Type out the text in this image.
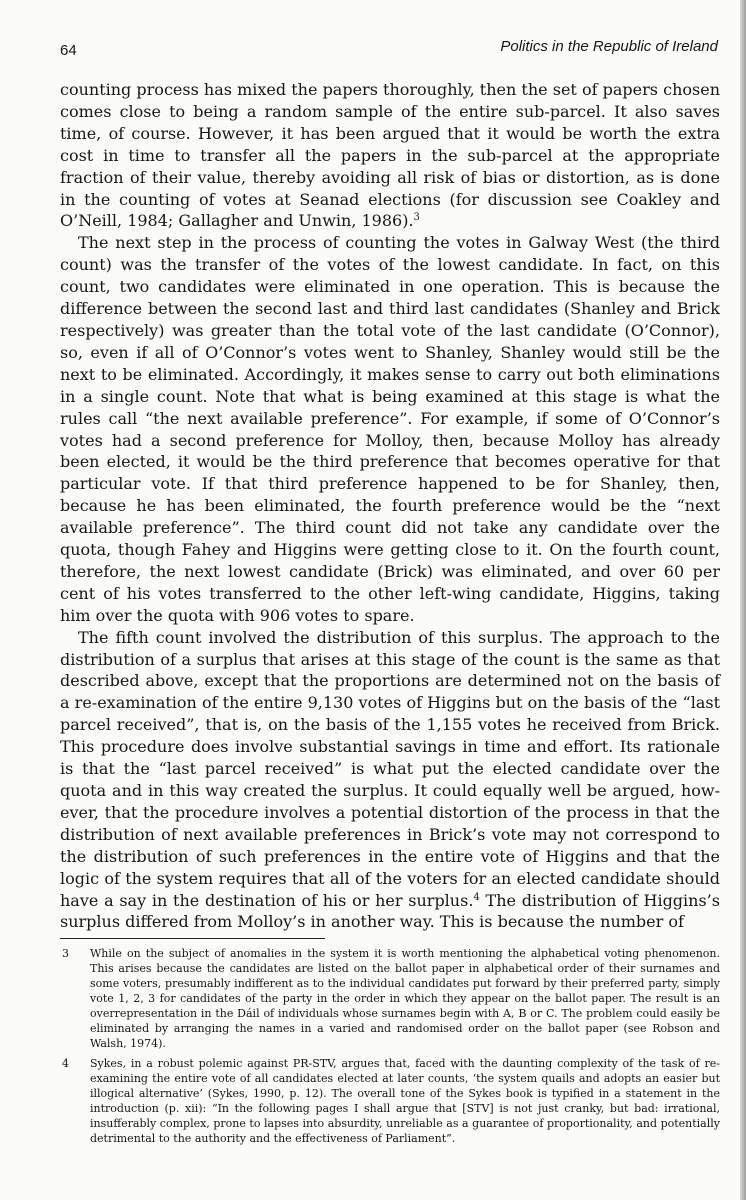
64	Politics in the Republic of Ireland

counting process has mixed the papers thoroughly, then the set of papers chosen comes close to being a random sample of the entire sub-parcel. It also saves time, of course. However, it has been argued that it would be worth the extra cost in time to transfer all the papers in the sub-parcel at the appropriate fraction of their value, thereby avoiding all risk of bias or distortion, as is done in the counting of votes at Seanad elections (for discussion see Coakley and O’Neill, 1984; Gallagher and Unwin, 1986).$^3$

The next step in the process of counting the votes in Galway West (the third count) was the transfer of the votes of the lowest candidate. In fact, on this count, two candidates were eliminated in one operation. This is because the difference between the second last and third last candidates (Shanley and Brick respectively) was greater than the total vote of the last candidate (O’Connor), so, even if all of O’Connor’s votes went to Shanley, Shanley would still be the next to be eliminated. Accordingly, it makes sense to carry out both eliminations in a single count. Note that what is being examined at this stage is what the rules call “the next available preference”. For example, if some of O’Connor’s votes had a second preference for Molloy, then, because Molloy has already been elected, it would be the third preference that becomes operative for that particular vote. If that third preference happened to be for Shanley, then, because he has been eliminated, the fourth preference would be the “next available preference”. The third count did not take any candidate over the quota, though Fahey and Higgins were getting close to it. On the fourth count, therefore, the next lowest candidate (Brick) was eliminated, and over 60 per cent of his votes transferred to the other left-wing candidate, Higgins, taking him over the quota with 906 votes to spare.

The fifth count involved the distribution of this surplus. The approach to the distribution of a surplus that arises at this stage of the count is the same as that described above, except that the proportions are determined not on the basis of a re-examination of the entire 9,130 votes of Higgins but on the basis of the “last parcel received”, that is, on the basis of the 1,155 votes he received from Brick. This procedure does involve substantial savings in time and effort. Its rationale is that the “last parcel received” is what put the elected candidate over the quota and in this way created the surplus. It could equally well be argued, however, that the procedure involves a potential distortion of the process in that the distribution of next available preferences in Brick’s vote may not correspond to the distribution of such preferences in the entire vote of Higgins and that the logic of the system requires that all of the voters for an elected candidate should have a say in the destination of his or her surplus.$^4$ The distribution of Higgins’s surplus differed from Molloy’s in another way. This is because the number of

3 While on the subject of anomalies in the system it is worth mentioning the alphabetical voting phenomenon. This arises because the candidates are listed on the ballot paper in alphabetical order of their surnames and some voters, presumably indifferent as to the individual candidates put forward by their preferred party, simply vote 1, 2, 3 for candidates of the party in the order in which they appear on the ballot paper. The result is an overrepresentation in the Dáil of individuals whose surnames begin with A, B or C. The problem could easily be eliminated by arranging the names in a varied and randomised order on the ballot paper (see Robson and Walsh, 1974).
4 Sykes, in a robust polemic against PR-STV, argues that, faced with the daunting complexity of the task of reexamining the entire vote of all candidates elected at later counts, ‘the system quails and adopts an easier but illogical alternative’ (Sykes, 1990, p. 12). The overall tone of the Sykes book is typified in a statement in the introduction (p. xii): “In the following pages I shall argue that [STV] is not just cranky, but bad: irrational, insufferably complex, prone to lapses into absurdity, unreliable as a guarantee of proportionality, and potentially detrimental to the authority and the effectiveness of Parliament”.
